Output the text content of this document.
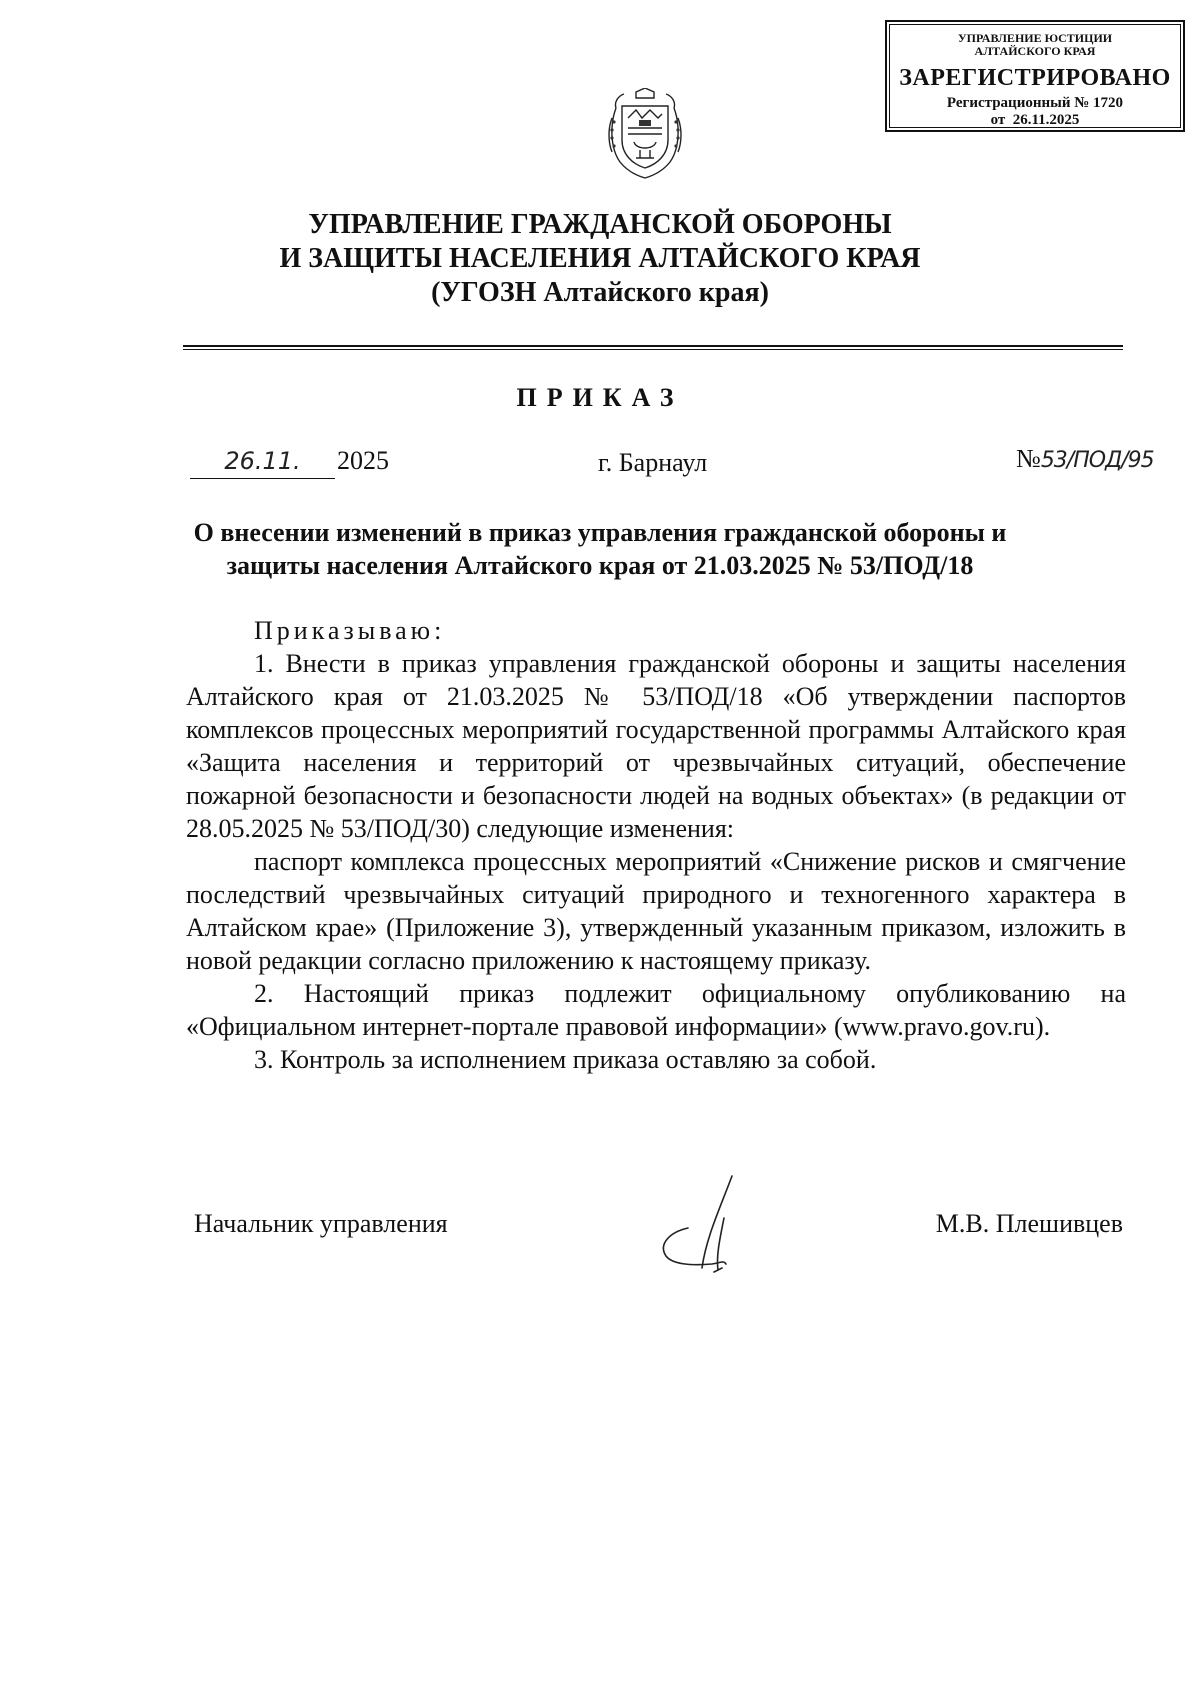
УПРАВЛЕНИЕ ЮСТИЦИИ
АЛТАЙСКОГО КРАЯ
ЗАРЕГИСТРИРОВАНО
Регистрационный № 1720
от  26.11.2025
УПРАВЛЕНИЕ ГРАЖДАНСКОЙ ОБОРОНЫ
И ЗАЩИТЫ НАСЕЛЕНИЯ АЛТАЙСКОГО КРАЯ
(УГОЗН Алтайского края)
ПРИКАЗ
26.11.	2025	г. Барнаул	№53/ПОД/95
О внесении изменений в приказ управления гражданской обороны и
защиты населения Алтайского края от 21.03.2025 № 53/ПОД/18

Приказываю:

1. Внести в приказ управления гражданской обороны и защиты населения Алтайского края от 21.03.2025 № 53/ПОД/18 «Об утверждении паспортов комплексов процессных мероприятий государственной программы Алтайского края «Защита населения и территорий от чрезвычайных ситуаций, обеспечение пожарной безопасности и безопасности людей на водных объектах» (в редакции от 28.05.2025 № 53/ПОД/30) следующие изменения:

паспорт комплекса процессных мероприятий «Снижение рисков и смягчение последствий чрезвычайных ситуаций природного и техногенного характера в Алтайском крае» (Приложение 3), утвержденный указанным приказом, изложить в новой редакции согласно приложению к настоящему приказу.

2. Настоящий приказ подлежит официальному опубликованию на «Официальном интернет-портале правовой информации» (www.pravo.gov.ru).

3. Контроль за исполнением приказа оставляю за собой.

Начальник управления	М.В. Плешивцев
